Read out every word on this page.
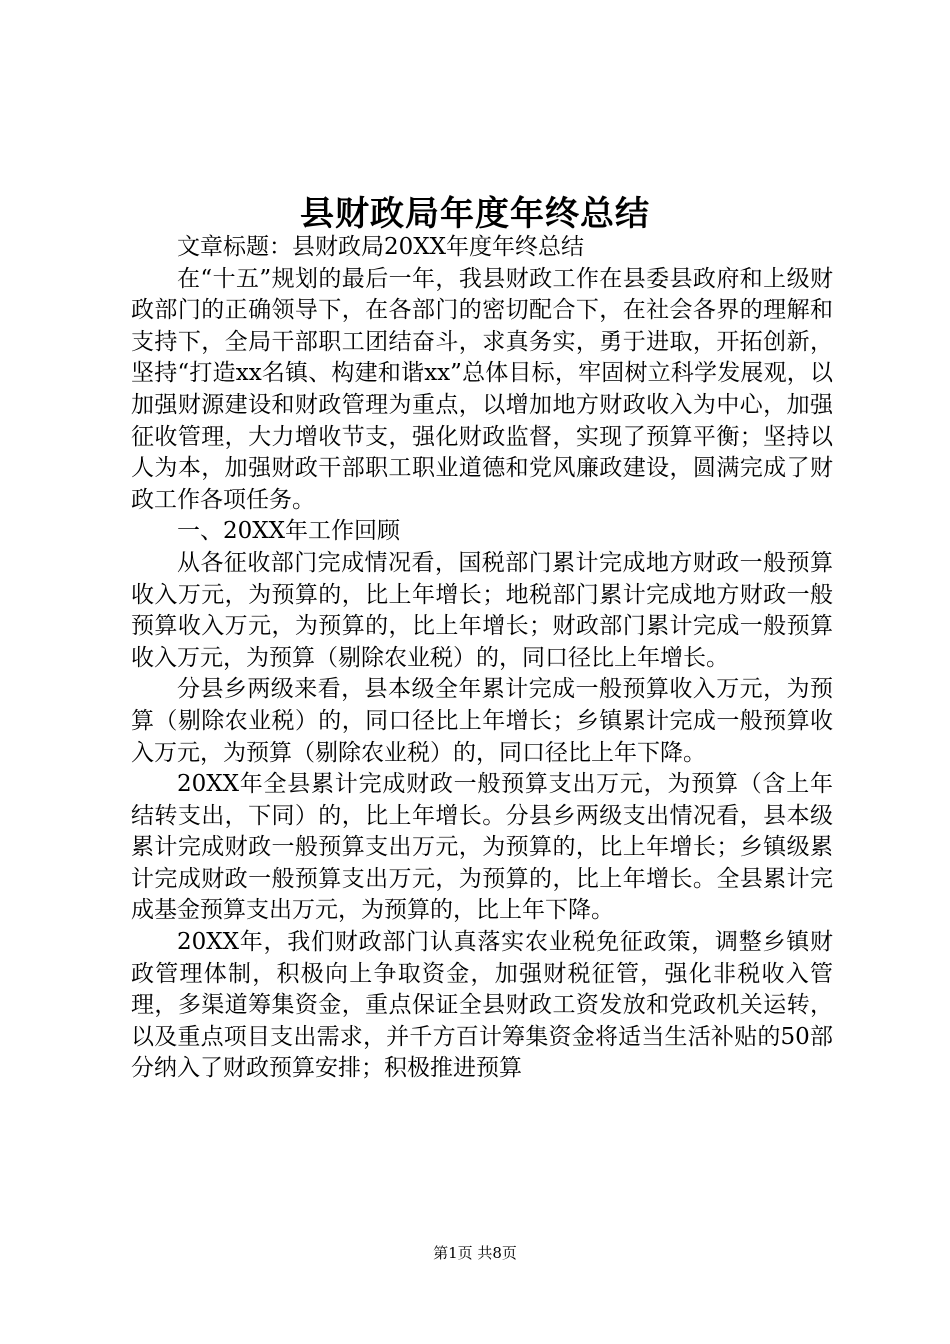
县财政局年度年终总结

文章标题：县财政局20XX年度年终总结

在“十五”规划的最后一年，我县财政工作在县委县政府和上级财政部门的正确领导下，在各部门的密切配合下，在社会各界的理解和支持下，全局干部职工团结奋斗，求真务实，勇于进取，开拓创新，坚持“打造xx名镇、构建和谐xx”总体目标，牢固树立科学发展观，以加强财源建设和财政管理为重点，以增加地方财政收入为中心，加强征收管理，大力增收节支，强化财政监督，实现了预算平衡；坚持以人为本，加强财政干部职工职业道德和党风廉政建设，圆满完成了财政工作各项任务。

一、20XX年工作回顾

从各征收部门完成情况看，国税部门累计完成地方财政一般预算收入万元，为预算的，比上年增长；地税部门累计完成地方财政一般预算收入万元，为预算的，比上年增长；财政部门累计完成一般预算收入万元，为预算（剔除农业税）的，同口径比上年增长。

分县乡两级来看，县本级全年累计完成一般预算收入万元，为预算（剔除农业税）的，同口径比上年增长；乡镇累计完成一般预算收入万元，为预算（剔除农业税）的，同口径比上年下降。

20XX年全县累计完成财政一般预算支出万元，为预算（含上年结转支出，下同）的，比上年增长。分县乡两级支出情况看，县本级累计完成财政一般预算支出万元，为预算的，比上年增长；乡镇级累计完成财政一般预算支出万元，为预算的，比上年增长。全县累计完成基金预算支出万元，为预算的，比上年下降。

20XX年，我们财政部门认真落实农业税免征政策，调整乡镇财政管理体制，积极向上争取资金，加强财税征管，强化非税收入管理，多渠道筹集资金，重点保证全县财政工资发放和党政机关运转，以及重点项目支出需求，并千方百计筹集资金将适当生活补贴的50部分纳入了财政预算安排；积极推进预算

第1页 共8页
